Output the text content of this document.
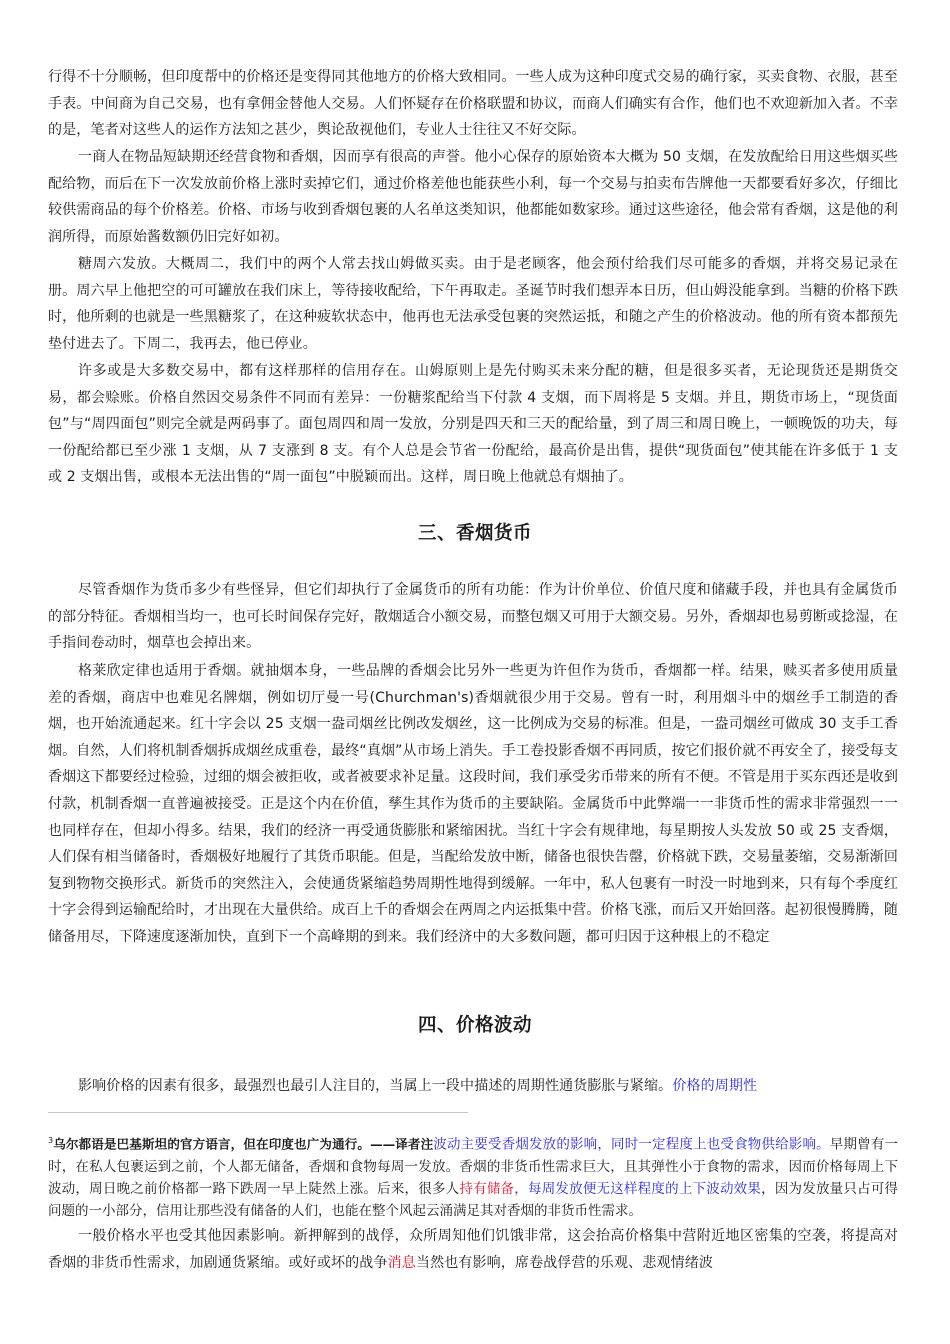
行得不十分顺畅，但印度帮中的价格还是变得同其他地方的价格大致相同。一些人成为这种印度式交易的确行家，买卖食物、衣服，甚至手表。中间商为自己交易，也有拿佣金替他人交易。人们怀疑存在价格联盟和协议，而商人们确实有合作，他们也不欢迎新加入者。不幸的是，笔者对这些人的运作方法知之甚少，舆论敌视他们，专业人士往往又不好交际。

一商人在物品短缺期还经营食物和香烟，因而享有很高的声誉。他小心保存的原始资本大概为 50 支烟，在发放配给日用这些烟买些配给物，而后在下一次发放前价格上涨时卖掉它们，通过价格差他也能获些小利，每一个交易与拍卖布告牌他一天都要看好多次，仔细比较供需商品的每个价格差。价格、市场与收到香烟包裹的人名单这类知识，他都能如数家珍。通过这些途径，他会常有香烟，这是他的利润所得，而原始酱数额仍旧完好如初。

糖周六发放。大概周二，我们中的两个人常去找山姆做买卖。由于是老顾客，他会预付给我们尽可能多的香烟，并将交易记录在册。周六早上他把空的可可罐放在我们床上，等待接收配给，下午再取走。圣诞节时我们想弄本日历，但山姆没能拿到。当糖的价格下跌时，他所剩的也就是一些黑糖浆了，在这种疲软状态中，他再也无法承受包裹的突然运抵，和随之产生的价格波动。他的所有资本都预先垫付进去了。下周二，我再去，他已停业。

许多或是大多数交易中，都有这样那样的信用存在。山姆原则上是先付购买未来分配的糖，但是很多买者，无论现货还是期货交易，都会赊账。价格自然因交易条件不同而有差异：一份糖浆配给当下付款 4 支烟，而下周将是 5 支烟。并且，期货市场上，“现货面包”与“周四面包”则完全就是两码事了。面包周四和周一发放，分别是四天和三天的配给量，到了周三和周日晚上，一顿晚饭的功夫，每一份配给都已至少涨 1 支烟，从 7 支涨到 8 支。有个人总是会节省一份配给，最高价是出售，提供“现货面包”使其能在许多低于 1 支或 2 支烟出售，或根本无法出售的“周一面包”中脱颖而出。这样，周日晚上他就总有烟抽了。

三、香烟货币

尽管香烟作为货币多少有些怪异，但它们却执行了金属货币的所有功能：作为计价单位、价值尺度和储藏手段，并也具有金属货币的部分特征。香烟相当均一，也可长时间保存完好，散烟适合小额交易，而整包烟又可用于大额交易。另外，香烟却也易剪断或捻湿，在手指间卷动时，烟草也会掉出来。

格莱欣定律也适用于香烟。就抽烟本身，一些品牌的香烟会比另外一些更为许但作为货币，香烟都一样。结果，赎买者多使用质量差的香烟，商店中也难见名牌烟，例如切厅曼一号(Churchman's)香烟就很少用于交易。曾有一时，利用烟斗中的烟丝手工制造的香烟，也开始流通起来。红十字会以 25 支烟一盎司烟丝比例改发烟丝，这一比例成为交易的标准。但是，一盎司烟丝可做成 30 支手工香烟。自然，人们将机制香烟拆成烟丝成重卷，最终“真烟”从市场上消失。手工卷投影香烟不再同质，按它们报价就不再安全了，接受每支香烟这下都要经过检验，过细的烟会被拒收，或者被要求补足量。这段时间，我们承受劣币带来的所有不便。不管是用于买东西还是收到付款，机制香烟一直普遍被接受。正是这个内在价值，孳生其作为货币的主要缺陷。金属货币中此弊端一一非货币性的需求非常强烈一一也同样存在，但却小得多。结果，我们的经济一再受通货膨胀和紧缩困扰。当红十字会有规律地，每星期按人头发放 50 或 25 支香烟，人们保有相当储备时，香烟极好地履行了其货币职能。但是，当配给发放中断，储备也很快告罄，价格就下跌，交易量萎缩，交易渐渐回复到物物交换形式。新货币的突然注入，会使通货紧缩趋势周期性地得到缓解。一年中，私人包裹有一时没一时地到来，只有每个季度红十字会得到运输配给时，才出现在大量供给。成百上千的香烟会在两周之内运抵集中营。价格飞涨，而后又开始回落。起初很慢腾腾，随储备用尽，下降速度逐渐加快，直到下一个高峰期的到来。我们经济中的大多数问题，都可归因于这种根上的不稳定

四、价格波动

影响价格的因素有很多，最强烈也最引人注目的，当属上一段中描述的周期性通货膨胀与紧缩。价格的周期性

$^3$乌尔都语是巴基斯坦的官方语言，但在印度也广为通行。——译者注波动主要受香烟发放的影响，同时一定程度上也受食物供给影响。早期曾有一时，在私人包裹运到之前，个人都无储备，香烟和食物每周一发放。香烟的非货币性需求巨大，且其弹性小于食物的需求，因而价格每周上下波动，周日晚之前价格都一路下跌周一早上陡然上涨。后来，很多人持有储备，每周发放便无这样程度的上下波动效果，因为发放量只占可得问题的一小部分，信用让那些没有储备的人们，也能在整个风起云涌满足其对香烟的非货币性需求。

一般价格水平也受其他因素影响。新押解到的战俘，众所周知他们饥饿非常，这会抬高价格集中营附近地区密集的空袭，将提高对香烟的非货币性需求，加剧通货紧缩。或好或坏的战争消息当然也有影响，席卷战俘营的乐观、悲观情绪波
